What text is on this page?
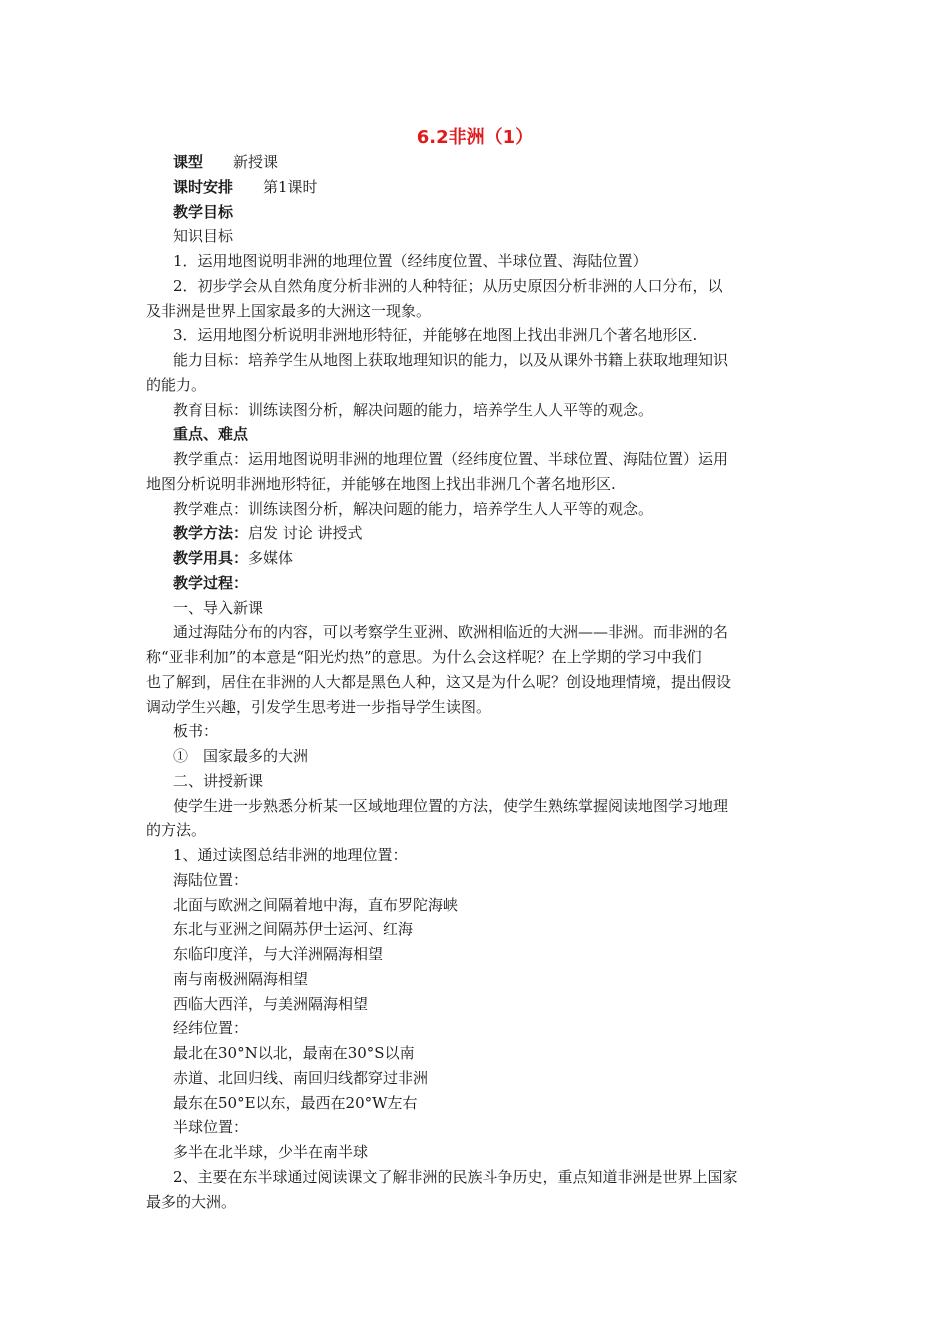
6.2非洲（1）
课型 新授课
课时安排 第1课时
教学目标
知识目标
1．运用地图说明非洲的地理位置（经纬度位置、半球位置、海陆位置）
2．初步学会从自然角度分析非洲的人种特征；从历史原因分析非洲的人口分布，以
及非洲是世界上国家最多的大洲这一现象。
3．运用地图分析说明非洲地形特征，并能够在地图上找出非洲几个著名地形区.
能力目标：培养学生从地图上获取地理知识的能力，以及从课外书籍上获取地理知识
的能力。
教育目标：训练读图分析，解决问题的能力，培养学生人人平等的观念。
重点、难点
教学重点：运用地图说明非洲的地理位置（经纬度位置、半球位置、海陆位置）运用
地图分析说明非洲地形特征，并能够在地图上找出非洲几个著名地形区.
教学难点：训练读图分析，解决问题的能力，培养学生人人平等的观念。
教学方法：启发 讨论 讲授式
教学用具：多媒体
教学过程：
一、导入新课
通过海陆分布的内容，可以考察学生亚洲、欧洲相临近的大洲——非洲。而非洲的名
称“亚非利加”的本意是“阳光灼热”的意思。为什么会这样呢？在上学期的学习中我们
也了解到，居住在非洲的人大都是黑色人种，这又是为什么呢？创设地理情境，提出假设
调动学生兴趣，引发学生思考进一步指导学生读图。
板书：
①　国家最多的大洲
二、讲授新课
使学生进一步熟悉分析某一区域地理位置的方法，使学生熟练掌握阅读地图学习地理
的方法。
1、通过读图总结非洲的地理位置：
海陆位置：
北面与欧洲之间隔着地中海，直布罗陀海峡
东北与亚洲之间隔苏伊士运河、红海
东临印度洋，与大洋洲隔海相望
南与南极洲隔海相望
西临大西洋，与美洲隔海相望
经纬位置：
最北在30°N以北，最南在30°S以南
赤道、北回归线、南回归线都穿过非洲
最东在50°E以东，最西在20°W左右
半球位置：
多半在北半球，少半在南半球
2、主要在东半球通过阅读课文了解非洲的民族斗争历史，重点知道非洲是世界上国家
最多的大洲。
